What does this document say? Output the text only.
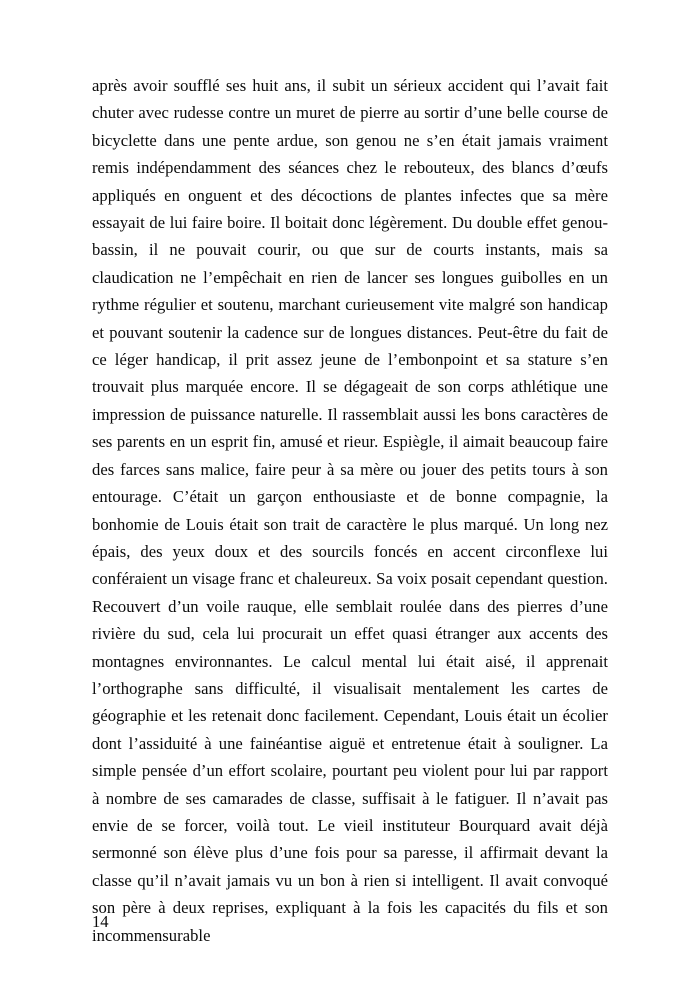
après avoir soufflé ses huit ans, il subit un sérieux accident qui l’avait fait chuter avec rudesse contre un muret de pierre au sortir d’une belle course de bicyclette dans une pente ardue, son genou ne s’en était jamais vraiment remis indépendamment des séances chez le rebouteux, des blancs d’œufs appliqués en onguent et des décoctions de plantes infectes que sa mère essayait de lui faire boire. Il boitait donc légèrement. Du double effet genou-bassin, il ne pouvait courir, ou que sur de courts instants, mais sa claudication ne l’empêchait en rien de lancer ses longues guibolles en un rythme régulier et soutenu, marchant curieusement vite malgré son handicap et pouvant soutenir la cadence sur de longues distances. Peut-être du fait de ce léger handicap, il prit assez jeune de l’embonpoint et sa stature s’en trouvait plus marquée encore. Il se dégageait de son corps athlétique une impression de puissance naturelle. Il rassemblait aussi les bons caractères de ses parents en un esprit fin, amusé et rieur. Espiègle, il aimait beaucoup faire des farces sans malice, faire peur à sa mère ou jouer des petits tours à son entourage. C’était un garçon enthousiaste et de bonne compagnie, la bonhomie de Louis était son trait de caractère le plus marqué. Un long nez épais, des yeux doux et des sourcils foncés en accent circonflexe lui conféraient un visage franc et chaleureux. Sa voix posait cependant question. Recouvert d’un voile rauque, elle semblait roulée dans des pierres d’une rivière du sud, cela lui procurait un effet quasi étranger aux accents des montagnes environnantes. Le calcul mental lui était aisé, il apprenait l’orthographe sans difficulté, il visualisait mentalement les cartes de géographie et les retenait donc facilement. Cependant, Louis était un écolier dont l’assiduité à une fainéantise aiguë et entretenue était à souligner. La simple pensée d’un effort scolaire, pourtant peu violent pour lui par rapport à nombre de ses camarades de classe, suffisait à le fatiguer. Il n’avait pas envie de se forcer, voilà tout. Le vieil instituteur Bourquard avait déjà sermonné son élève plus d’une fois pour sa paresse, il affirmait devant la classe qu’il n’avait jamais vu un bon à rien si intelligent. Il avait convoqué son père à deux reprises, expliquant à la fois les capacités du fils et son incommensurable

14
